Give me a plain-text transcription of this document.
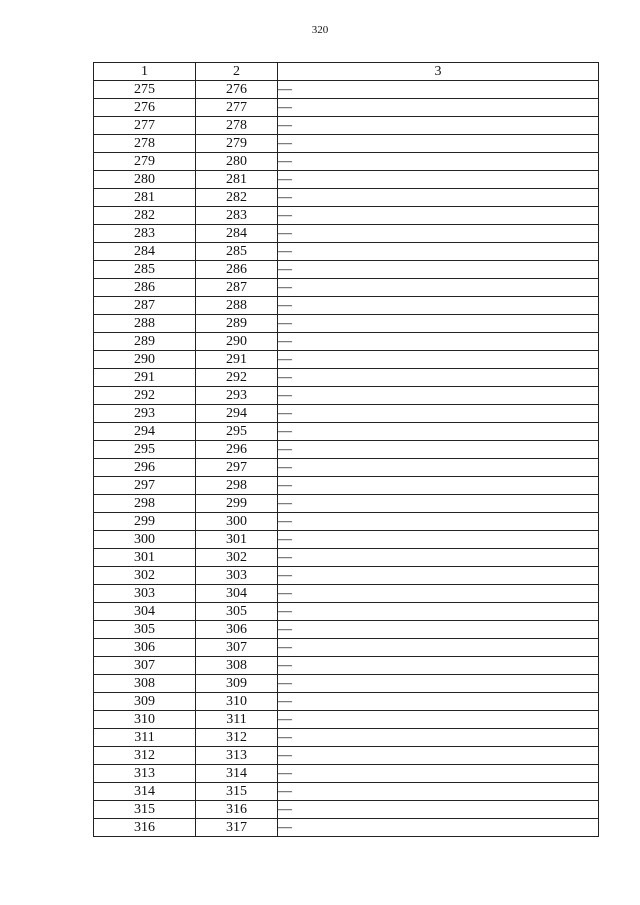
320
1	2	3
275	276	—
276	277	—
277	278	—
278	279	—
279	280	—
280	281	—
281	282	—
282	283	—
283	284	—
284	285	—
285	286	—
286	287	—
287	288	—
288	289	—
289	290	—
290	291	—
291	292	—
292	293	—
293	294	—
294	295	—
295	296	—
296	297	—
297	298	—
298	299	—
299	300	—
300	301	—
301	302	—
302	303	—
303	304	—
304	305	—
305	306	—
306	307	—
307	308	—
308	309	—
309	310	—
310	311	—
311	312	—
312	313	—
313	314	—
314	315	—
315	316	—
316	317	—
